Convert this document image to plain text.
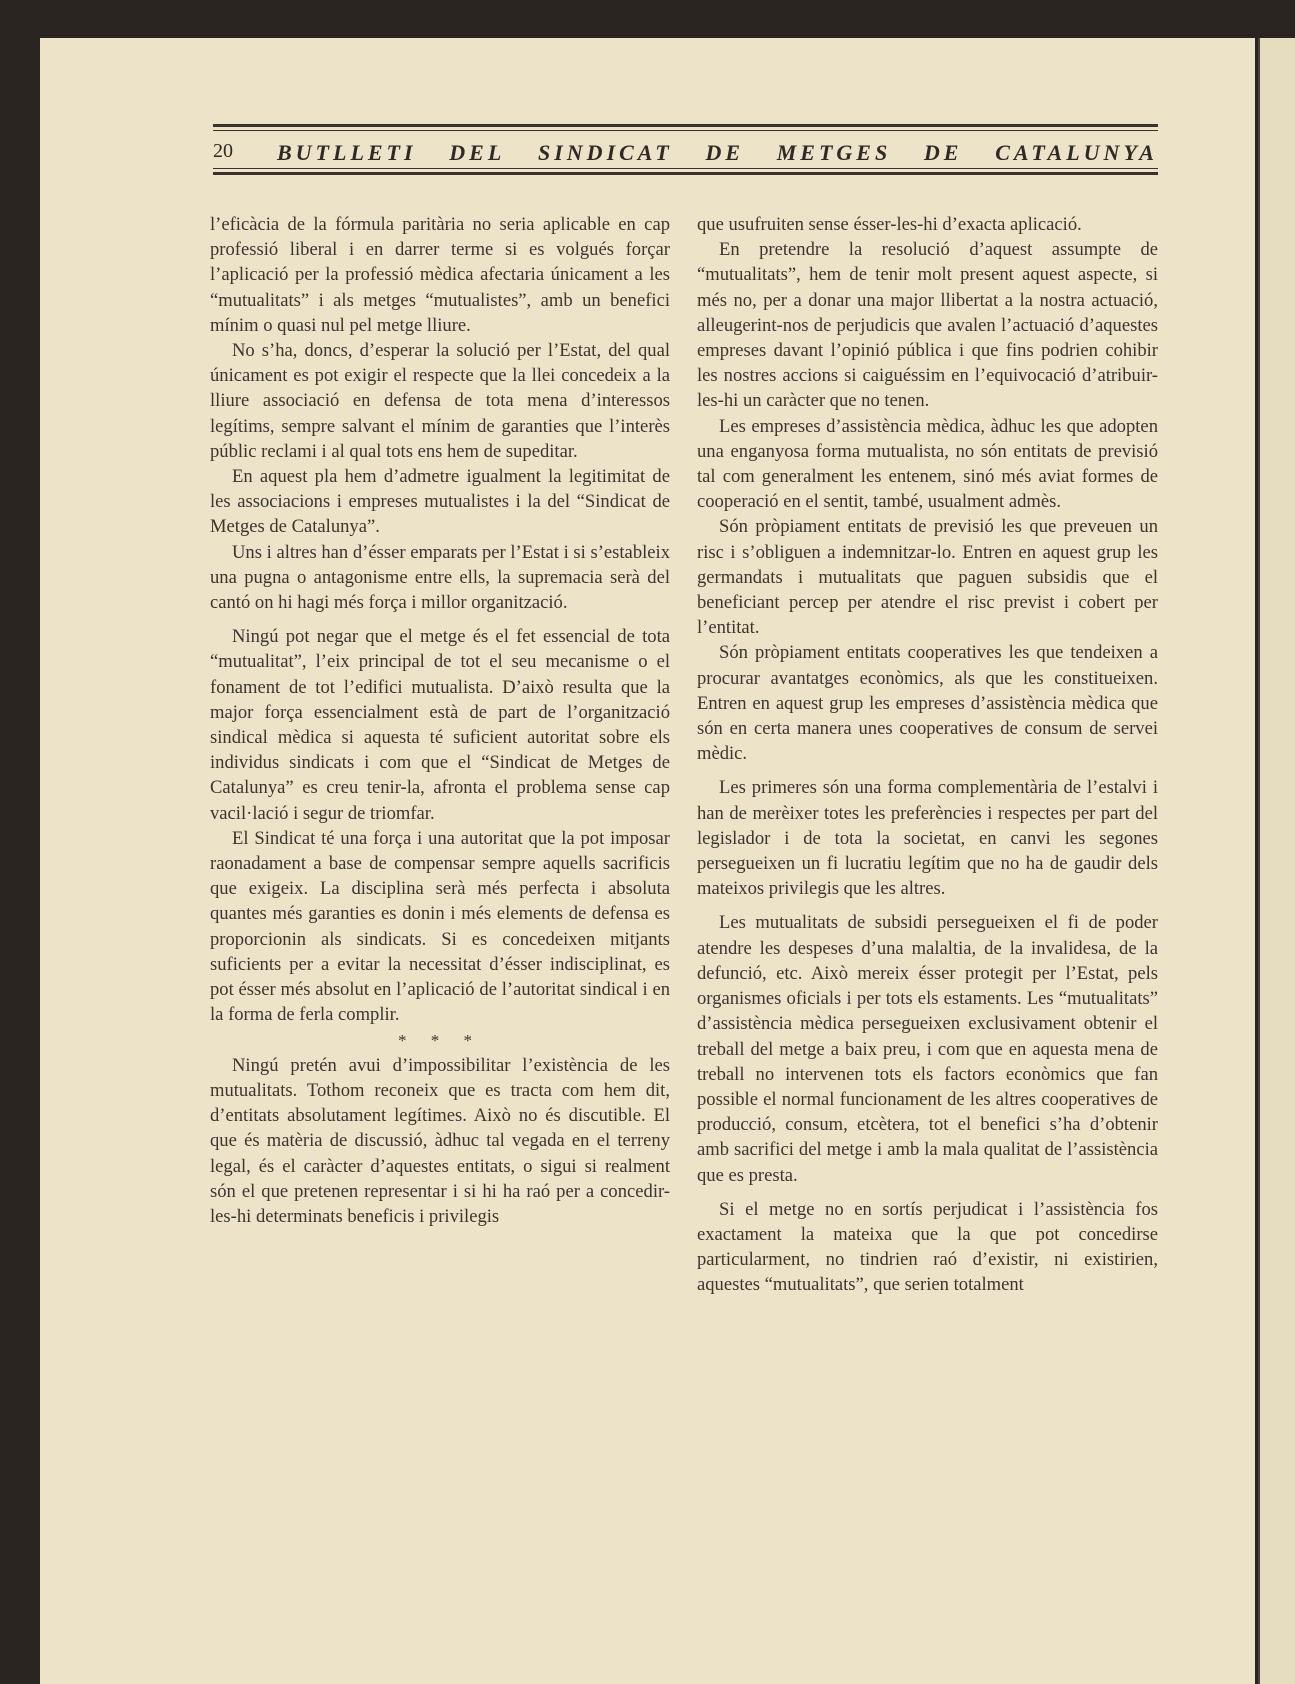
20 BUTLLETI DEL SINDICAT DE METGES DE CATALUNYA

l’eficàcia de la fórmula paritària no seria aplicable en cap professió liberal i en darrer terme si es volgués forçar l’aplicació per la professió mèdica afectaria únicament a les “mutualitats” i als metges “mutualistes”, amb un benefici mínim o quasi nul pel metge lliure.

No s’ha, doncs, d’esperar la solució per l’Estat, del qual únicament es pot exigir el respecte que la llei concedeix a la lliure associació en defensa de tota mena d’interessos legítims, sempre salvant el mínim de garanties que l’interès públic reclami i al qual tots ens hem de supeditar.

En aquest pla hem d’admetre igualment la legitimitat de les associacions i empreses mutualistes i la del “Sindicat de Metges de Catalunya”.

Uns i altres han d’ésser emparats per l’Estat i si s’estableix una pugna o antagonisme entre ells, la supremacia serà del cantó on hi hagi més força i millor organització.

Ningú pot negar que el metge és el fet essencial de tota “mutualitat”, l’eix principal de tot el seu mecanisme o el fonament de tot l’edifici mutualista. D’això resulta que la major força essencialment està de part de l’organització sindical mèdica si aquesta té suficient autoritat sobre els individus sindicats i com que el “Sindicat de Metges de Catalunya” es creu tenir-la, afronta el problema sense cap vacil·lació i segur de triomfar.

El Sindicat té una força i una autoritat que la pot imposar raonadament a base de compensar sempre aquells sacrificis que exigeix. La disciplina serà més perfecta i absoluta quantes més garanties es donin i més elements de defensa es proporcionin als sindicats. Si es concedeixen mitjants suficients per a evitar la necessitat d’ésser indisciplinat, es pot ésser més absolut en l’aplicació de l’autoritat sindical i en la forma de ferla complir.

* * *

Ningú pretén avui d’impossibilitar l’existència de les mutualitats. Tothom reconeix que es tracta com hem dit, d’entitats absolutament legítimes. Això no és discutible. El que és matèria de discussió, àdhuc tal vegada en el terreny legal, és el caràcter d’aquestes entitats, o sigui si realment són el que pretenen representar i si hi ha raó per a concedir-les-hi determinats beneficis i privilegis

que usufruiten sense ésser-les-hi d’exacta aplicació.

En pretendre la resolució d’aquest assumpte de “mutualitats”, hem de tenir molt present aquest aspecte, si més no, per a donar una major llibertat a la nostra actuació, alleugerint-nos de perjudicis que avalen l’actuació d’aquestes empreses davant l’opinió pública i que fins podrien cohibir les nostres accions si caiguéssim en l’equivocació d’atribuir-les-hi un caràcter que no tenen.

Les empreses d’assistència mèdica, àdhuc les que adopten una enganyosa forma mutualista, no són entitats de previsió tal com generalment les entenem, sinó més aviat formes de cooperació en el sentit, també, usualment admès.

Són pròpiament entitats de previsió les que preveuen un risc i s’obliguen a indemnitzar-lo. Entren en aquest grup les germandats i mutualitats que paguen subsidis que el beneficiant percep per atendre el risc previst i cobert per l’entitat.

Són pròpiament entitats cooperatives les que tendeixen a procurar avantatges econòmics, als que les constitueixen. Entren en aquest grup les empreses d’assistència mèdica que són en certa manera unes cooperatives de consum de servei mèdic.

Les primeres són una forma complementària de l’estalvi i han de merèixer totes les preferències i respectes per part del legislador i de tota la societat, en canvi les segones persegueixen un fi lucratiu legítim que no ha de gaudir dels mateixos privilegis que les altres.

Les mutualitats de subsidi persegueixen el fi de poder atendre les despeses d’una malaltia, de la invalidesa, de la defunció, etc. Això mereix ésser protegit per l’Estat, pels organismes oficials i per tots els estaments. Les “mutualitats” d’assistència mèdica persegueixen exclusivament obtenir el treball del metge a baix preu, i com que en aquesta mena de treball no intervenen tots els factors econòmics que fan possible el normal funcionament de les altres cooperatives de producció, consum, etcètera, tot el benefici s’ha d’obtenir amb sacrifici del metge i amb la mala qualitat de l’assistència que es presta.

Si el metge no en sortís perjudicat i l’assistència fos exactament la mateixa que la que pot concedirse particularment, no tindrien raó d’existir, ni existirien, aquestes “mutualitats”, que serien totalment
